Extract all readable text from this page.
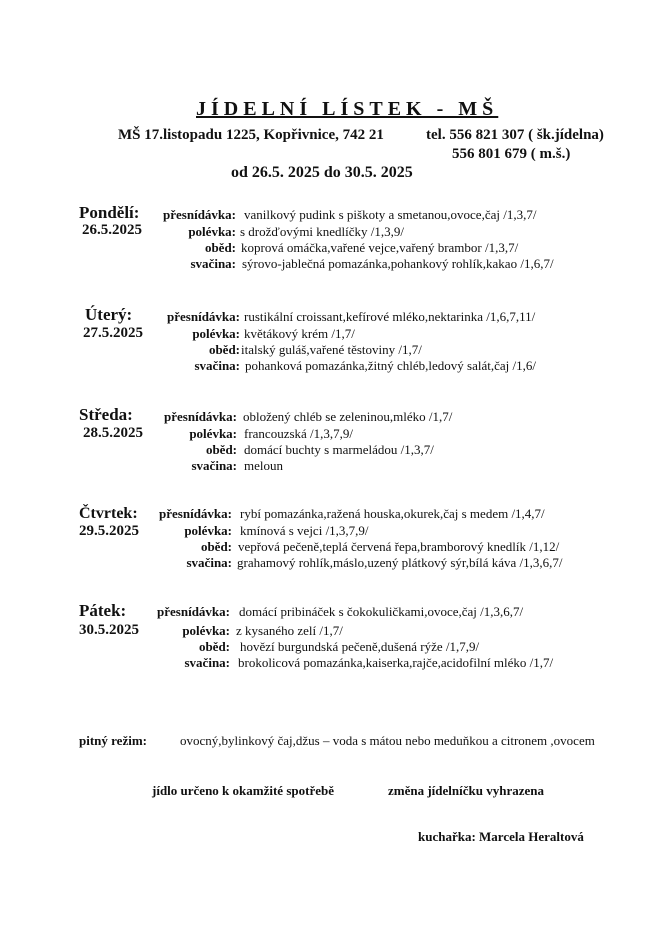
JÍDELNÍ LÍSTEK - MŠ
MŠ 17.listopadu 1225, Kopřivnice, 742 21	tel. 556 821 307 ( šk.jídelna)
556 801 679 ( m.š.)
od 26.5. 2025 do 30.5. 2025
Pondělí:
26.5.2025
přesnídávka: vanilkový pudink s piškoty a smetanou,ovoce,čaj /1,3,7/
polévka: s drožďovými knedlíčky /1,3,9/
oběd: koprová omáčka,vařené vejce,vařený brambor /1,3,7/
svačina: sýrovo-jablečná pomazánka,pohankový rohlík,kakao /1,6,7/
Úterý:
27.5.2025
přesnídávka: rustikální croissant,kefírové mléko,nektarinka /1,6,7,11/
polévka: květákový krém /1,7/
oběd: italský guláš,vařené těstoviny /1,7/
svačina: pohanková pomazánka,žitný chléb,ledový salát,čaj /1,6/
Středa:
28.5.2025
přesnídávka: obložený chléb se zeleninou,mléko /1,7/
polévka: francouzská /1,3,7,9/
oběd: domácí buchty s marmeládou /1,3,7/
svačina: meloun
Čtvrtek:
29.5.2025
přesnídávka: rybí pomazánka,ražená houska,okurek,čaj s medem /1,4,7/
polévka: kmínová s vejci /1,3,7,9/
oběd: vepřová pečeně,teplá červená řepa,bramborový knedlík /1,12/
svačina: grahamový rohlík,máslo,uzený plátkový sýr,bílá káva /1,3,6,7/
Pátek:
30.5.2025
přesnídávka: domácí pribináček s čokokuličkami,ovoce,čaj /1,3,6,7/
polévka: z kysaného zelí /1,7/
oběd: hovězí burgundská pečeně,dušená rýže /1,7,9/
svačina: brokolicová pomazánka,kaiserka,rajče,acidofilní mléko /1,7/
pitný režim:	ovocný,bylinkový čaj,džus – voda s mátou nebo meduňkou a citronem ,ovocem
jídlo určeno k okamžité spotřebě	změna jídelníčku vyhrazena
kuchařka: Marcela Heraltová
